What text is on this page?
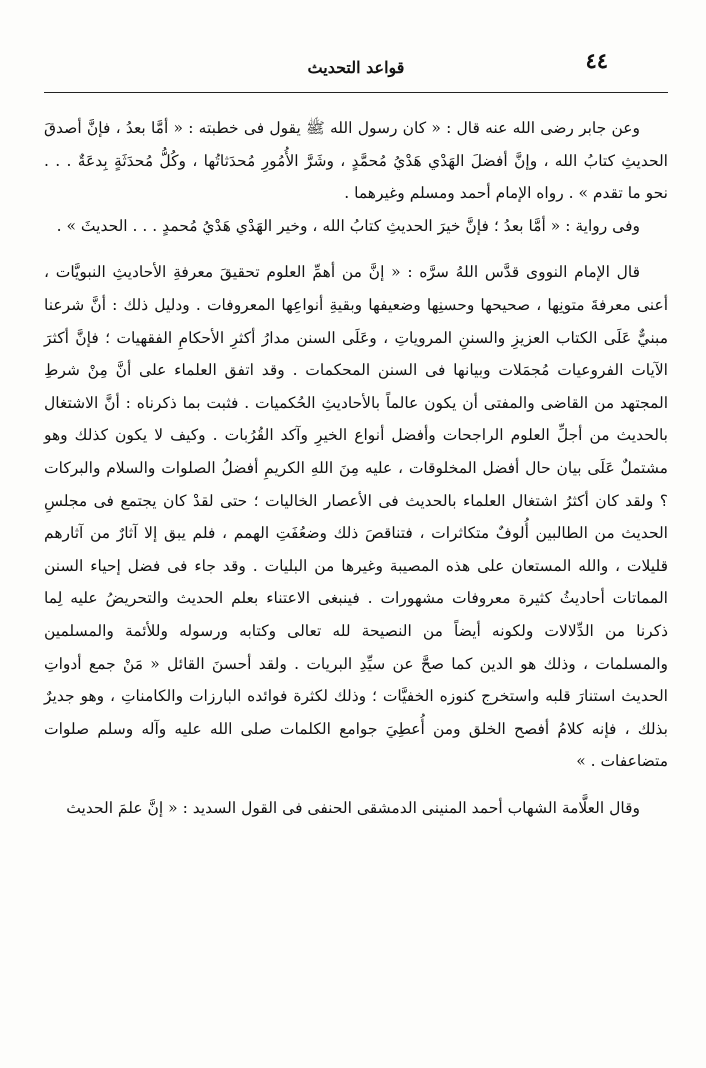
٤٤
قواعد التحديث

وعن جابر رضى الله عنه قال : « كان رسول الله ﷺ يقول فى خطبته : « أمَّا بعدُ ، فإنَّ أصدقَ الحديثِ كتابُ الله ، وإنَّ أفضلَ الهَدْي هَدْيُ مُحمَّدٍ ، وشَرَّ الأُمُورِ مُحدَثاتُها ، وكُلُّ مُحدَثَةٍ بِدعَةٌ . . . نحو ما تقدم » . رواه الإمام أحمد ومسلم وغيرهما .

وفى رواية : « أمَّا بعدُ ؛ فإنَّ خيرَ الحديثِ كتابُ الله ، وخير الهَدْي هَدْيُ مُحمدٍ . . . الحديثَ » .

قال الإمام النووى قدَّس اللهُ سرَّه : « إنَّ من أهمِّ العلوم تحقيقَ معرفةِ الأحاديثِ النبويَّات ، أعنى معرفةَ متونِها ، صحيحها وحسنِها وضعيفها وبقيةِ أنواعِها المعروفات . ودليل ذلك : أنَّ شرعنا مبنيٌّ عَلَى الكتاب العزيزِ والسننِ المروياتِ ، وعَلَى السنن مدارُ أكثرِ الأحكامِ الفقهيات ؛ فإنَّ أكثرَ الآيات الفروعيات مُجمَلات وبيانها فى السنن المحكمات . وقد اتفق العلماء على أنَّ مِنْ شرطِ المجتهد من القاضى والمفتى أن يكون عالماً بالأحاديثِ الحُكميات . فثبت بما ذكرناه : أنَّ الاشتغال بالحديث من أجلِّ العلوم الراجحات وأفضل أنواع الخيرِ وآكد القُرُبات . وكيف لا يكون كذلك وهو مشتملٌ عَلَى بيان حال أفضل المخلوقات ، عليه مِنَ اللهِ الكريمِ أفضلُ الصلوات والسلام والبركات ؟ ولقد كان أكثرُ اشتغال العلماء بالحديث فى الأعصار الخاليات ؛ حتى لقدْ كان يجتمع فى مجلسِ الحديث من الطالبين أُلوفٌ متكاثرات ، فتناقصَ ذلك وضعُفَتِ الهمم ، فلم يبق إلا آثارٌ من آثارهم قليلات ، والله المستعان على هذه المصيبة وغيرها من البليات . وقد جاء فى فضل إحياء السنن المماتات أحاديثُ كثيرة معروفات مشهورات . فينبغى الاعتناء بعلم الحديث والتحريضُ عليه لِما ذكرنا من الدِّلالات ولكونه أيضاً من النصيحة لله تعالى وكتابه ورسوله وللأئمة والمسلمين والمسلمات ، وذلك هو الدين كما صحَّ عن سيِّدِ البريات . ولقد أحسنَ القائل « مَنْ جمع أدواتِ الحديث استنارَ قلبه واستخرج كنوزه الخفيَّات ؛ وذلك لكثرة فوائده البارزات والكامناتِ ، وهو جديرٌ بذلك ، فإنه كلامُ أفصح الخلق ومن أُعطِيَ جوامع الكلمات صلى الله عليه وآله وسلم صلوات متضاعفات . »

وقال العلَّامة الشهاب أحمد المنينى الدمشقى الحنفى فى القول السديد : « إنَّ علمَ الحديث
